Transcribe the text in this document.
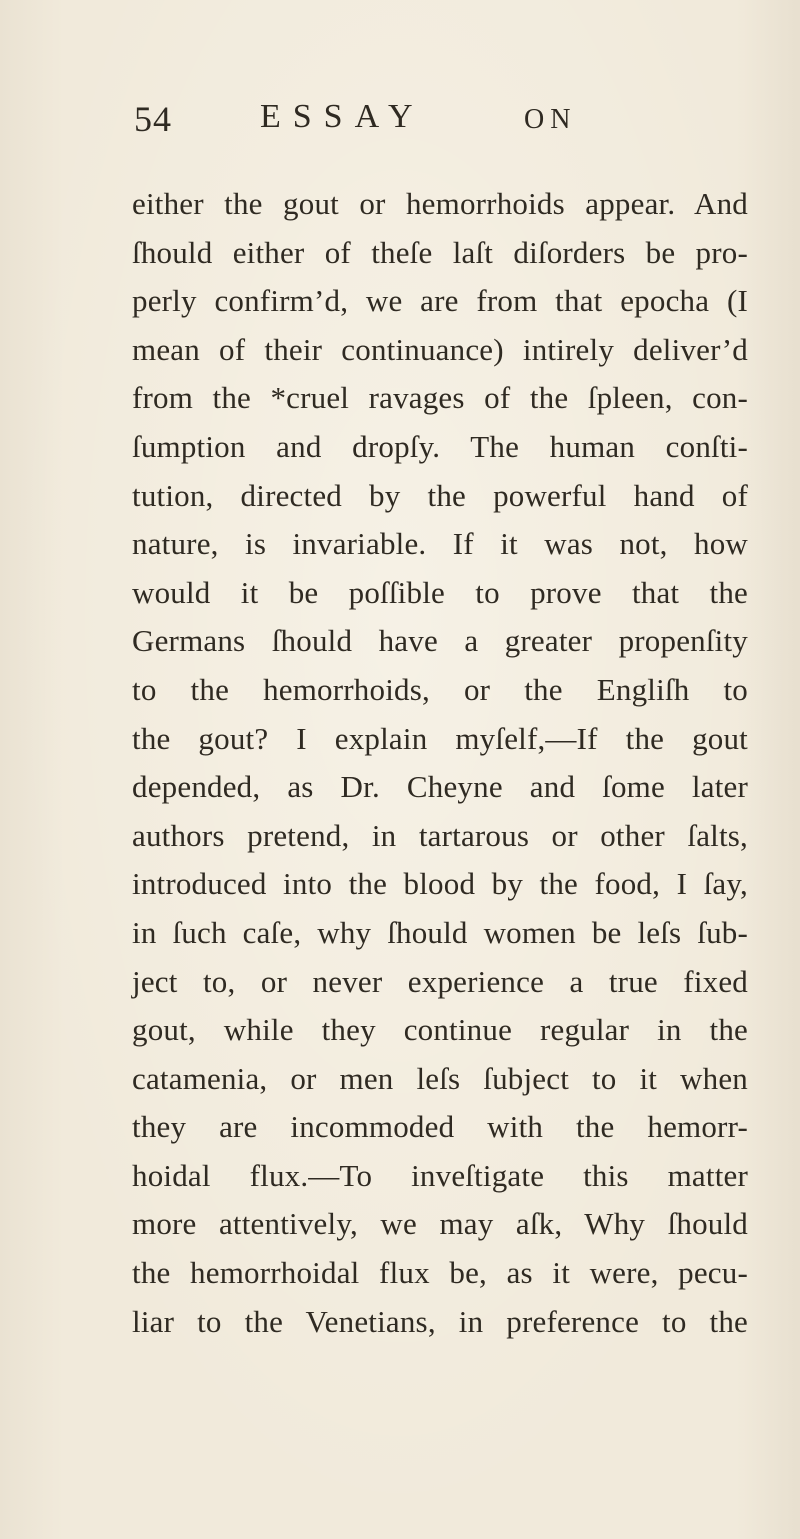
54	ESSAY	ON
either the gout or hemorrhoids appear. And
ſhould either of theſe laſt diſorders be pro-
perly confirm’d, we are from that epocha (I
mean of their continuance) intirely deliver’d
from the *cruel ravages of the ſpleen, con-
ſumption and dropſy. The human conſti-
tution, directed by the powerful hand of
nature, is invariable. If it was not, how
would it be poſſible to prove that the
Germans ſhould have a greater propenſity
to the hemorrhoids, or the Engliſh to
the gout? I explain myſelf,—If the gout
depended, as Dr. Cheyne and ſome later
authors pretend, in tartarous or other ſalts,
introduced into the blood by the food, I ſay,
in ſuch caſe, why ſhould women be leſs ſub-
ject to, or never experience a true fixed
gout, while they continue regular in the
catamenia, or men leſs ſubject to it when
they are incommoded with the hemorr-
hoidal flux.—To inveſtigate this matter
more attentively, we may aſk, Why ſhould
the hemorrhoidal flux be, as it were, pecu-
liar to the Venetians, in preference to the
